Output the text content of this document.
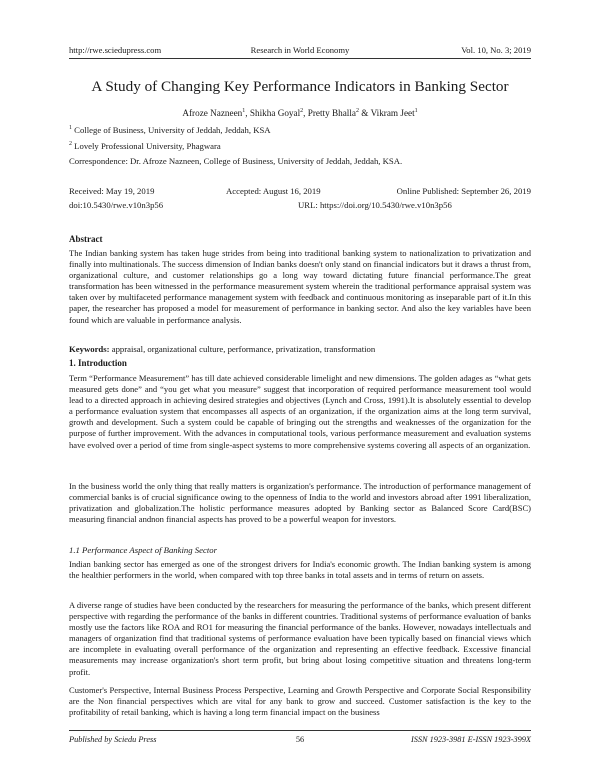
http://rwe.sciedupress.com	Research in World Economy	Vol. 10, No. 3; 2019
A Study of Changing Key Performance Indicators in Banking Sector
Afroze Nazneen$^1$, Shikha Goyal$^2$, Pretty Bhalla$^2$ & Vikram Jeet$^1$
$^1$ College of Business, University of Jeddah, Jeddah, KSA
$^2$ Lovely Professional University, Phagwara
Correspondence: Dr. Afroze Nazneen, College of Business, University of Jeddah, Jeddah, KSA.
Received: May 19, 2019	Accepted: August 16, 2019	Online Published: September 26, 2019
doi:10.5430/rwe.v10n3p56	URL: https://doi.org/10.5430/rwe.v10n3p56
Abstract
The Indian banking system has taken huge strides from being into traditional banking system to nationalization to privatization and finally into multinationals. The success dimension of Indian banks doesn't only stand on financial indicators but it draws a thrust from, organizational culture, and customer relationships go a long way toward dictating future financial performance.The great transformation has been witnessed in the performance measurement system wherein the traditional performance appraisal system was taken over by multifaceted performance management system with feedback and continuous monitoring as inseparable part of it.In this paper, the researcher has proposed a model for measurement of performance in banking sector. And also the key variables have been found which are valuable in performance analysis.
Keywords: appraisal, organizational culture, performance, privatization, transformation
1. Introduction
Term “Performance Measurement” has till date achieved considerable limelight and new dimensions. The golden adages as “what gets measured gets done” and “you get what you measure” suggest that incorporation of required performance measurement tool would lead to a directed approach in achieving desired strategies and objectives (Lynch and Cross, 1991).It is absolutely essential to develop a performance evaluation system that encompasses all aspects of an organization, if the organization aims at the long term survival, growth and development. Such a system could be capable of bringing out the strengths and weaknesses of the organization for the purpose of further improvement. With the advances in computational tools, various performance measurement and evaluation systems have evolved over a period of time from single-aspect systems to more comprehensive systems covering all aspects of an organization.
In the business world the only thing that really matters is organization's performance. The introduction of performance management of commercial banks is of crucial significance owing to the openness of India to the world and investors abroad after 1991 liberalization, privatization and globalization.The holistic performance measures adopted by Banking sector as Balanced Score Card(BSC) measuring financial andnon financial aspects has proved to be a powerful weapon for investors.
1.1 Performance Aspect of Banking Sector
Indian banking sector has emerged as one of the strongest drivers for India's economic growth. The Indian banking system is among the healthier performers in the world, when compared with top three banks in total assets and in terms of return on assets.
A diverse range of studies have been conducted by the researchers for measuring the performance of the banks, which present different perspective with regarding the performance of the banks in different countries. Traditional systems of performance evaluation of banks mostly use the factors like ROA and RO1 for measuring the financial performance of the banks. However, nowadays intellectuals and managers of organization find that traditional systems of performance evaluation have been typically based on financial views which are incomplete in evaluating overall performance of the organization and representing an effective feedback. Excessive financial measurements may increase organization's short term profit, but bring about losing competitive situation and threatens long-term profit.
Customer's Perspective, Internal Business Process Perspective, Learning and Growth Perspective and Corporate Social Responsibility are the Non financial perspectives which are vital for any bank to grow and succeed. Customer satisfaction is the key to the profitability of retail banking, which is having a long term financial impact on the business
Published by Sciedu Press	56	ISSN 1923-3981 E-ISSN 1923-399X
